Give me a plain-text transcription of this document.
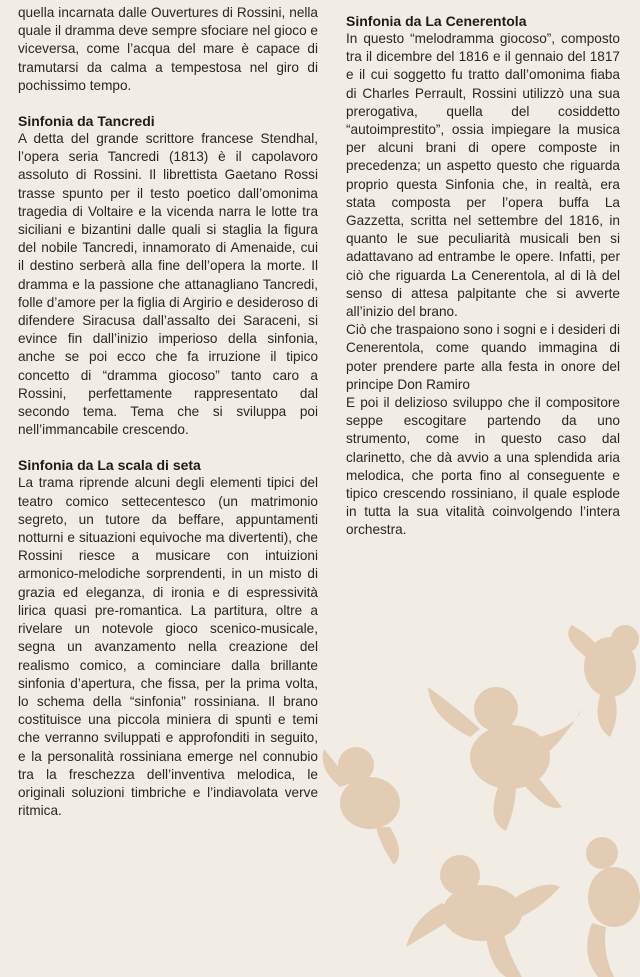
quella incarnata dalle Ouvertures di Rossini, nella quale il dramma deve sempre sfociare nel gioco e viceversa, come l’acqua del mare è capace di tramutarsi da calma a tempestosa nel giro di pochissimo tempo.

Sinfonia da Tancredi

A detta del grande scrittore francese Stendhal, l’opera seria Tancredi (1813) è il capolavoro assoluto di Rossini. Il librettista Gaetano Rossi trasse spunto per il testo poetico dall’omonima tragedia di Voltaire e la vicenda narra le lotte tra siciliani e bizantini dalle quali si staglia la figura del nobile Tancredi, innamorato di Amenaide, cui il destino serberà alla fine dell’opera la morte. Il dramma e la passione che attanagliano Tancredi, folle d’amore per la figlia di Argirio e desideroso di difendere Siracusa dall’assalto dei Saraceni, si evince fin dall’inizio imperioso della sinfonia, anche se poi ecco che fa irruzione il tipico concetto di “dramma giocoso” tanto caro a Rossini, perfettamente rappresentato dal secondo tema. Tema che si sviluppa poi nell’immancabile crescendo.

Sinfonia da La scala di seta

La trama riprende alcuni degli elementi tipici del teatro comico settecentesco (un matrimonio segreto, un tutore da beffare, appuntamenti notturni e situazioni equivoche ma divertenti), che Rossini riesce a musicare con intuizioni armonico-melodiche sorprendenti, in un misto di grazia ed eleganza, di ironia e di espressività lirica quasi pre-romantica. La partitura, oltre a rivelare un notevole gioco scenico-musicale, segna un avanzamento nella creazione del realismo comico, a cominciare dalla brillante sinfonia d’apertura, che fissa, per la prima volta, lo schema della “sinfonia” rossiniana. Il brano costituisce una piccola miniera di spunti e temi che verranno sviluppati e approfonditi in seguito, e la personalità rossiniana emerge nel connubio tra la freschezza dell’inventiva melodica, le originali soluzioni timbriche e l’indiavolata verve ritmica.

Sinfonia da La Cenerentola

In questo “melodramma giocoso”, composto tra il dicembre del 1816 e il gennaio del 1817 e il cui soggetto fu tratto dall’omonima fiaba di Charles Perrault, Rossini utilizzò una sua prerogativa, quella del cosiddetto “autoimprestito”, ossia impiegare la musica per alcuni brani di opere composte in precedenza; un aspetto questo che riguarda proprio questa Sinfonia che, in realtà, era stata composta per l’opera buffa La Gazzetta, scritta nel settembre del 1816, in quanto le sue peculiarità musicali ben si adattavano ad entrambe le opere. Infatti, per ciò che riguarda La Cenerentola, al di là del senso di attesa palpitante che si avverte all’inizio del brano.

Ciò che traspaiono sono i sogni e i desideri di Cenerentola, come quando immagina di poter prendere parte alla festa in onore del principe Don Ramiro

E poi il delizioso sviluppo che il compositore seppe escogitare partendo da uno strumento, come in questo caso dal clarinetto, che dà avvio a una splendida aria melodica, che porta fino al conseguente e tipico crescendo rossiniano, il quale esplode in tutta la sua vitalità coinvolgendo l’intera orchestra.
